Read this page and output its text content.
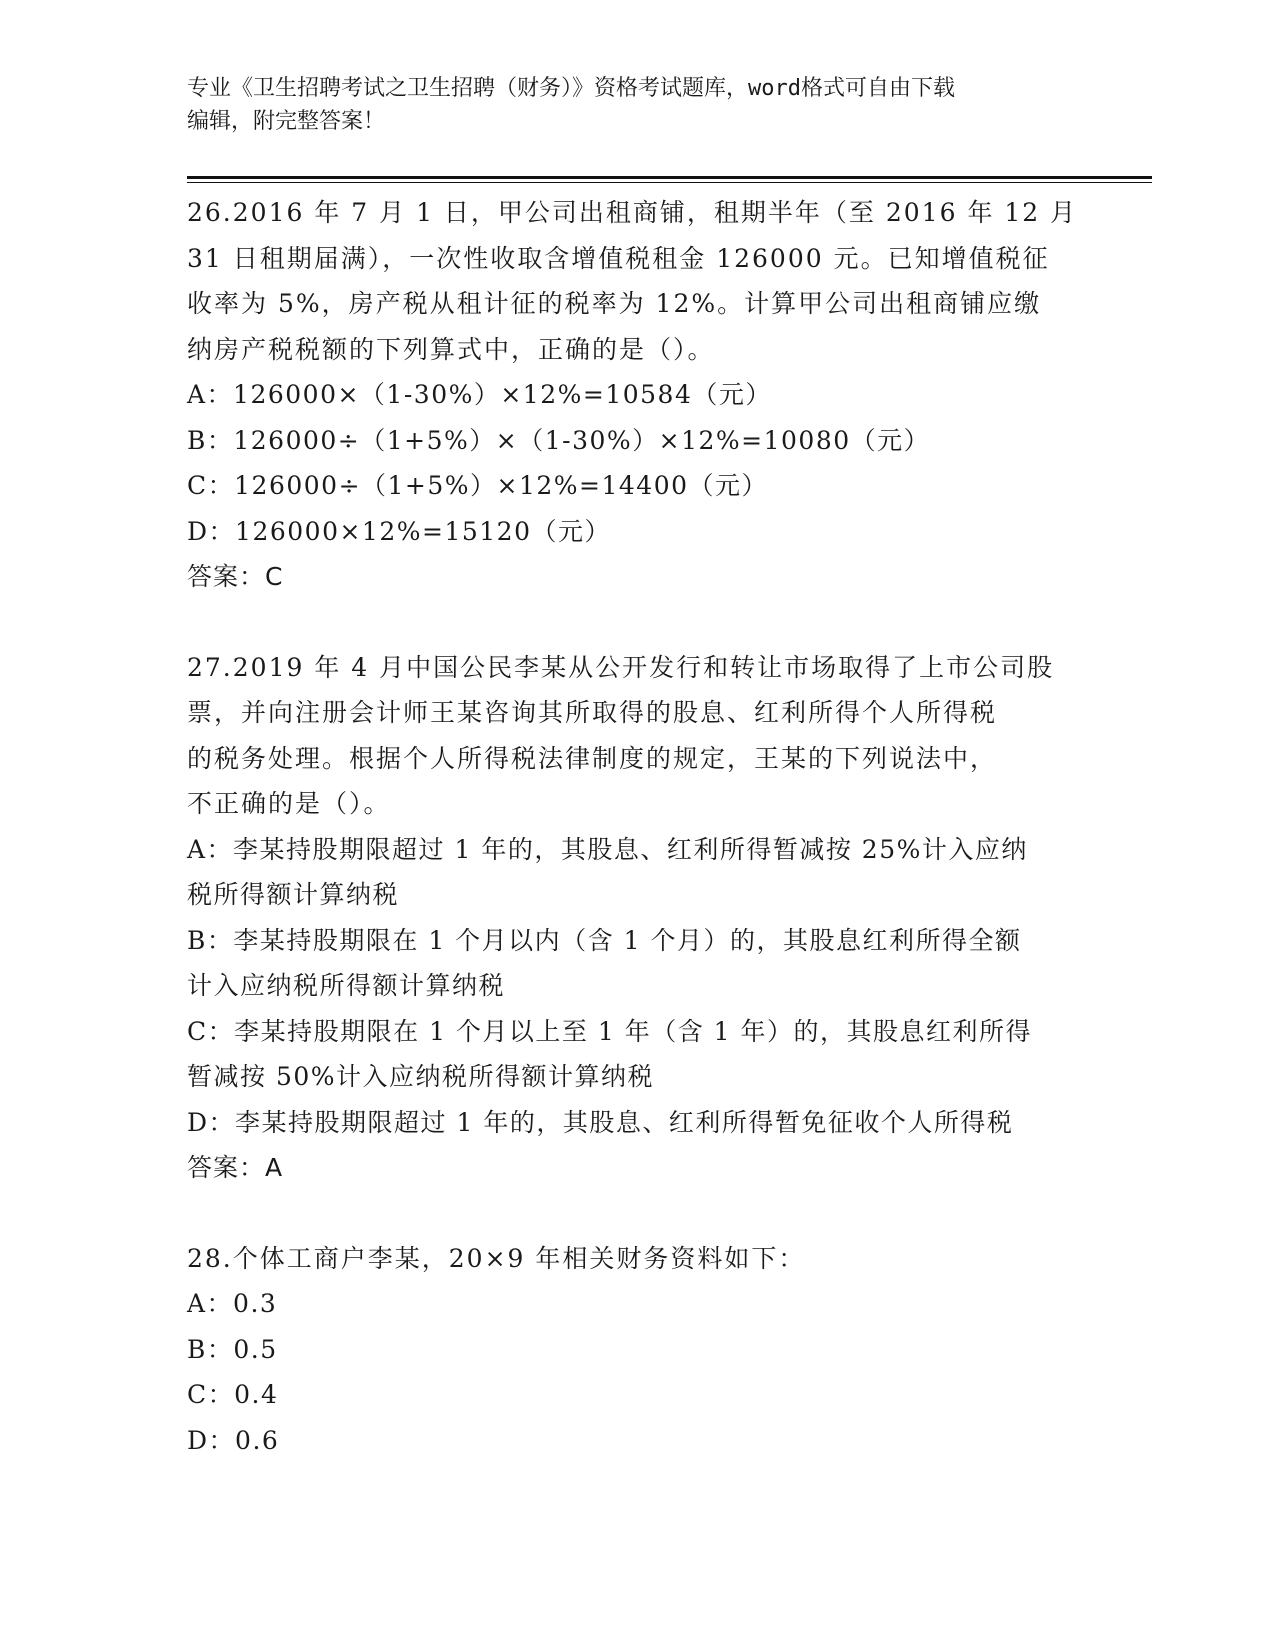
专业《卫生招聘考试之卫生招聘（财务）》资格考试题库，word格式可自由下载
编辑，附完整答案！
26.2016 年 7 月 1 日，甲公司出租商铺，租期半年（至 2016 年 12 月
31 日租期届满），一次性收取含增值税租金 126000 元。已知增值税征
收率为 5%，房产税从租计征的税率为 12%。计算甲公司出租商铺应缴
纳房产税税额的下列算式中，正确的是（）。
A：126000×（1-30%）×12%=10584（元）
B：126000÷（1+5%）×（1-30%）×12%=10080（元）
C：126000÷（1+5%）×12%=14400（元）
D：126000×12%=15120（元）
答案：C
27.2019 年 4 月中国公民李某从公开发行和转让市场取得了上市公司股
票，并向注册会计师王某咨询其所取得的股息、红利所得个人所得税
的税务处理。根据个人所得税法律制度的规定，王某的下列说法中，
不正确的是（）。
A：李某持股期限超过 1 年的，其股息、红利所得暂减按 25%计入应纳
税所得额计算纳税
B：李某持股期限在 1 个月以内（含 1 个月）的，其股息红利所得全额
计入应纳税所得额计算纳税
C：李某持股期限在 1 个月以上至 1 年（含 1 年）的，其股息红利所得
暂减按 50%计入应纳税所得额计算纳税
D：李某持股期限超过 1 年的，其股息、红利所得暂免征收个人所得税
答案：A
28.个体工商户李某，20×9 年相关财务资料如下：
A：0.3
B：0.5
C：0.4
D：0.6
